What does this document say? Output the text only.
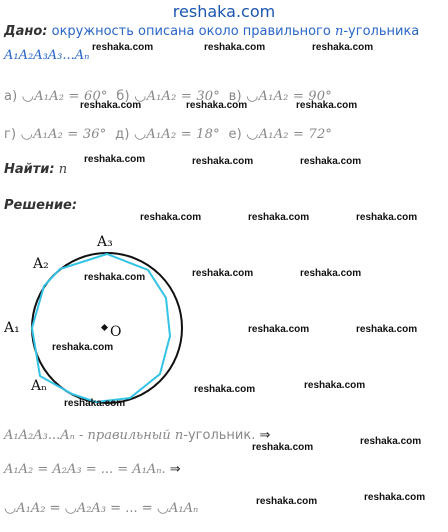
reshaka.com
Дано: окружность описана около правильного n-угольника
A₁A₂A₃A₃...Aₙ
а) ◡A₁A₂ = 60° б) ◡A₁A₂ = 30° в) ◡A₁A₂ = 90°
г) ◡A₁A₂ = 36° д) ◡A₁A₂ = 18° е) ◡A₁A₂ = 72°
Найти: n
Решение:
O
A₃
A₂
A₁
Aₙ
A₁A₂A₃...Aₙ - правильный n-угольник. ⇒
A₁A₂ = A₂A₃ = ... = A₁Aₙ. ⇒
◡A₁A₂ = ◡A₂A₃ = ... = ◡A₁Aₙ
reshaka.com	reshaka.com	reshaka.com
reshaka.com	reshaka.com	reshaka.com
reshaka.com	reshaka.com	reshaka.com
reshaka.com	reshaka.com	reshaka.com
reshaka.com	reshaka.com	reshaka.com
reshaka.com	reshaka.com
reshaka.com
reshaka.com	reshaka.com
reshaka.com
reshaka.com
reshaka.com
reshaka.com	reshaka.com
